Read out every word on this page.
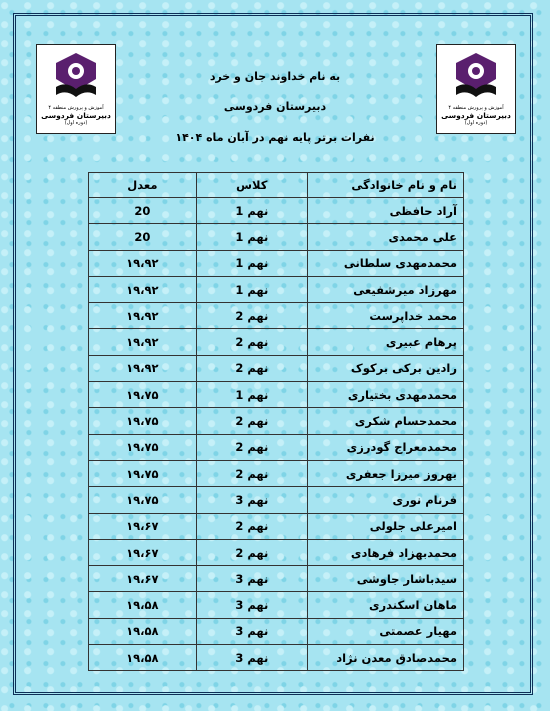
آموزش و پرورش منطقه ۴
دبیرستان فردوسی
(دوره اول)
آموزش و پرورش منطقه ۴
دبیرستان فردوسی
(دوره اول)
به نام خداوند جان و خرد
دبیرستان فردوسی
نفرات برتر پایه نهم در آبان ماه ۱۴۰۴
نام و نام خانوادگی	کلاس	معدل
آراد حافظی	نهم 1	20
علی محمدی	نهم 1	20
محمدمهدی سلطانی	نهم 1	۱۹،۹۲
مهرزاد میرشفیعی	نهم 1	۱۹،۹۲
محمد خداپرست	نهم 2	۱۹،۹۲
پرهام عبیری	نهم 2	۱۹،۹۲
رادین برکی برکوک	نهم 2	۱۹،۹۲
محمدمهدی بختیاری	نهم 1	۱۹،۷۵
محمدحسام شکری	نهم 2	۱۹،۷۵
محمدمعراج گودرزی	نهم 2	۱۹،۷۵
بهروز میرزا جعفری	نهم 2	۱۹،۷۵
فرنام نوری	نهم 3	۱۹،۷۵
امیرعلی جلولی	نهم 2	۱۹،۶۷
محمدبهزاد فرهادی	نهم 2	۱۹،۶۷
سیدباشار جاوشی	نهم 3	۱۹،۶۷
ماهان اسکندری	نهم 3	۱۹،۵۸
مهیار عصمتی	نهم 3	۱۹،۵۸
محمدصادق معدن نژاد	نهم 3	۱۹،۵۸
